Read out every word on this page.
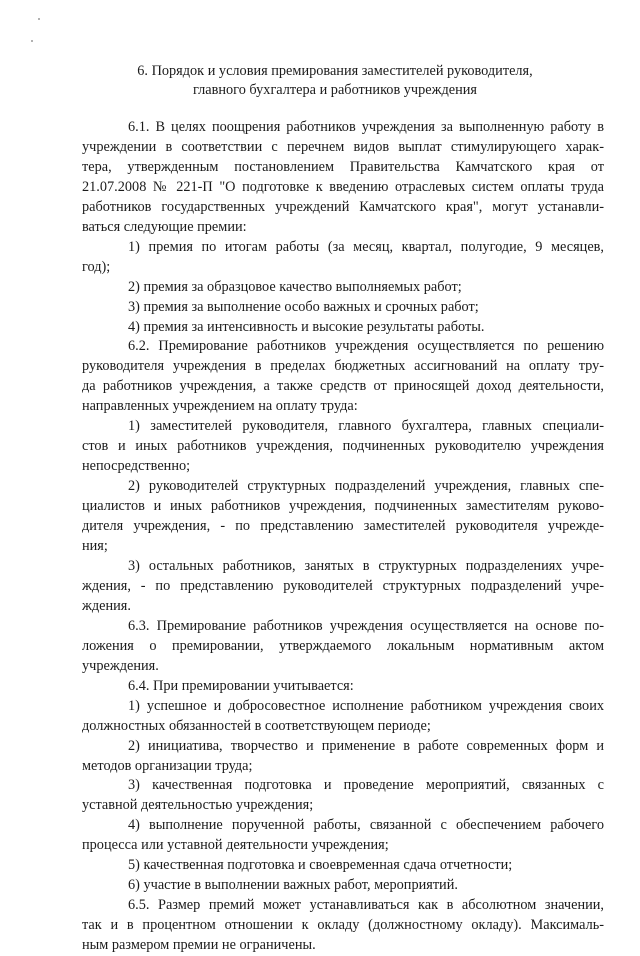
6. Порядок и условия премирования заместителей руководителя,
главного бухгалтера и работников учреждения
6.1. В целях поощрения работников учреждения за выполненную работу в
учреждении в соответствии с перечнем видов выплат стимулирующего харак-
тера, утвержденным постановлением Правительства Камчатского края от
21.07.2008 № 221-П "О подготовке к введению отраслевых систем оплаты труда
работников государственных учреждений Камчатского края", могут устанавли-
ваться следующие премии:
1) премия по итогам работы (за месяц, квартал, полугодие, 9 месяцев,
год);
2) премия за образцовое качество выполняемых работ;
3) премия за выполнение особо важных и срочных работ;
4) премия за интенсивность и высокие результаты работы.
6.2. Премирование работников учреждения осуществляется по решению
руководителя учреждения в пределах бюджетных ассигнований на оплату тру-
да работников учреждения, а также средств от приносящей доход деятельности,
направленных учреждением на оплату труда:
1) заместителей руководителя, главного бухгалтера, главных специали-
стов и иных работников учреждения, подчиненных руководителю учреждения
непосредственно;
2) руководителей структурных подразделений учреждения, главных спе-
циалистов и иных работников учреждения, подчиненных заместителям руково-
дителя учреждения, - по представлению заместителей руководителя учрежде-
ния;
3) остальных работников, занятых в структурных подразделениях учре-
ждения, - по представлению руководителей структурных подразделений учре-
ждения.
6.3. Премирование работников учреждения осуществляется на основе по-
ложения о премировании, утверждаемого локальным нормативным актом
учреждения.
6.4. При премировании учитывается:
1) успешное и добросовестное исполнение работником учреждения своих
должностных обязанностей в соответствующем периоде;
2) инициатива, творчество и применение в работе современных форм и
методов организации труда;
3) качественная подготовка и проведение мероприятий, связанных с
уставной деятельностью учреждения;
4) выполнение порученной работы, связанной с обеспечением рабочего
процесса или уставной деятельности учреждения;
5) качественная подготовка и своевременная сдача отчетности;
6) участие в выполнении важных работ, мероприятий.
6.5. Размер премий может устанавливаться как в абсолютном значении,
так и в процентном отношении к окладу (должностному окладу). Максималь-
ным размером премии не ограничены.
